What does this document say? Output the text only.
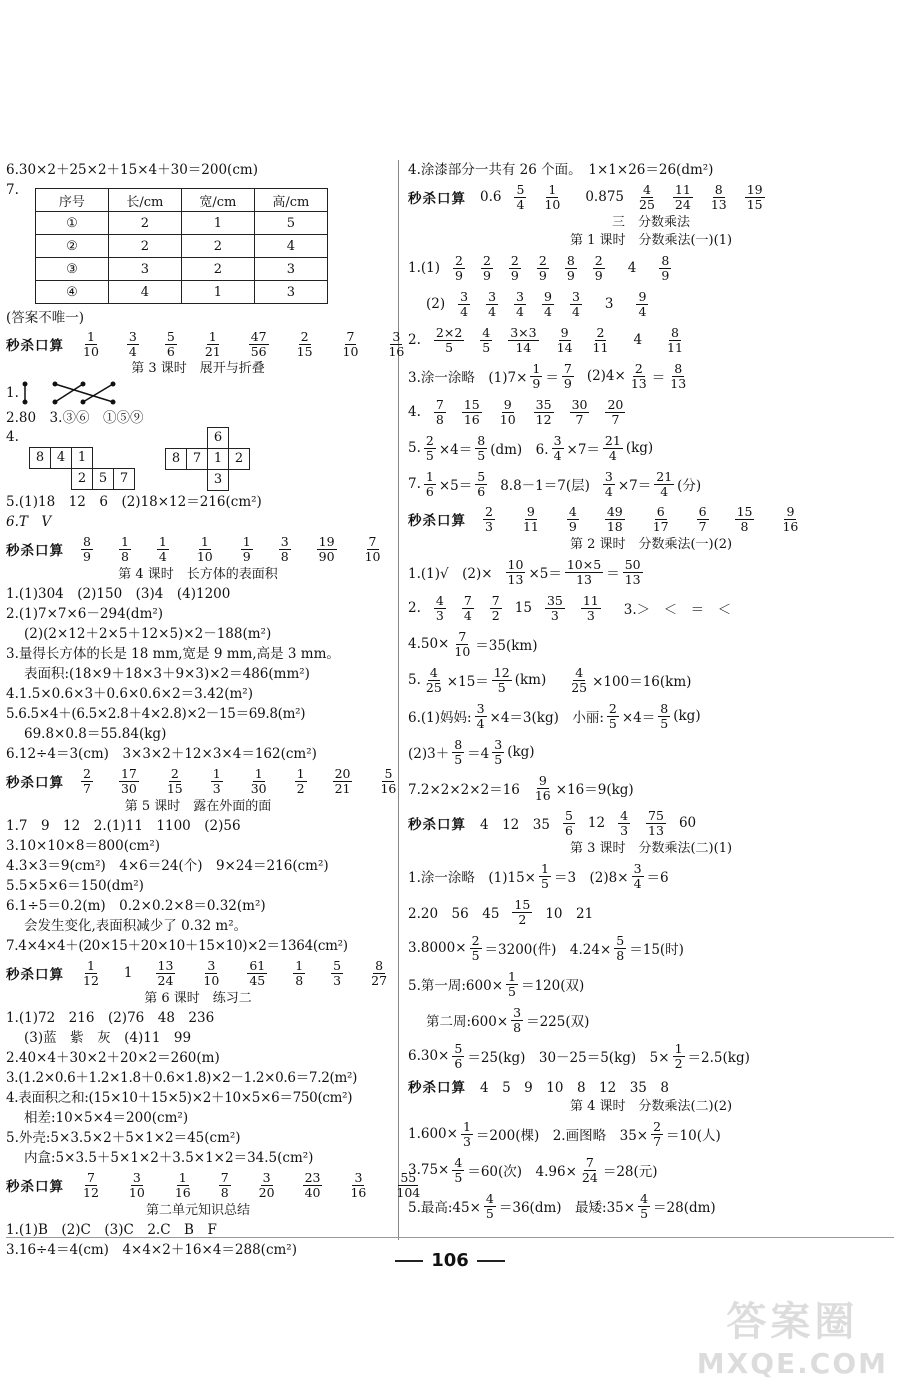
6.30×2＋25×2＋15×4＋30＝200(cm)
7.
序号	长/cm	宽/cm	高/cm
①	2	1	5
②	2	2	4
③	3	2	3
④	4	1	3
(答案不唯一)
秒杀口算 $\frac{1}{10} \frac{3}{4} \frac{5}{6} \frac{1}{21} \frac{47}{56} \frac{2}{15} \frac{7}{10} \frac{3}{16}$
第 3 课时　展开与折叠
1.
2.80　3.③⑥　①⑤⑨
4.
8 4 1
2 5 7
6
8 7 1 2
3
5.(1)18　12　6　(2)18×12＝216(cm²)
6.T　V
秒杀口算 $\frac{8}{9} \frac{1}{8} \frac{1}{4} \frac{1}{10} \frac{1}{9} \frac{3}{8} \frac{19}{90} \frac{7}{10}$
第 4 课时　长方体的表面积
1.(1)304　(2)150　(3)4　(4)1200
2.(1)7×7×6－294(dm²)
(2)(2×12＋2×5＋12×5)×2－188(m²)
3.量得长方体的长是 18 mm,宽是 9 mm,高是 3 mm。
表面积:(18×9＋18×3＋9×3)×2＝486(mm²)
4.1.5×0.6×3＋0.6×0.6×2＝3.42(m²)
5.6.5×4＋(6.5×2.8＋4×2.8)×2－15＝69.8(m²)
69.8×0.8＝55.84(kg)
6.12÷4＝3(cm)　3×3×2＋12×3×4＝162(cm²)
秒杀口算 $\frac{2}{7} \frac{17}{30} \frac{2}{15} \frac{1}{3} \frac{1}{30} \frac{1}{2} \frac{20}{21} \frac{5}{16}$
第 5 课时　露在外面的面
1.7　9　12　2.(1)11　1100　(2)56
3.10×10×8＝800(cm²)
4.3×3＝9(cm²)　4×6＝24(个)　9×24＝216(cm²)
5.5×5×6＝150(dm²)
6.1÷5＝0.2(m)　0.2×0.2×8＝0.32(m²)
会发生变化,表面积减少了 0.32 m²。
7.4×4×4＋(20×15＋20×10＋15×10)×2＝1364(cm²)
秒杀口算 $\frac{1}{12} 1 \frac{13}{24} \frac{3}{10} \frac{61}{45} \frac{1}{8} \frac{5}{3} \frac{8}{27}$
第 6 课时　练习二
1.(1)72　216　(2)76　48　236
(3)蓝　紫　灰　(4)11　99
2.40×4＋30×2＋20×2＝260(m)
3.(1.2×0.6＋1.2×1.8＋0.6×1.8)×2－1.2×0.6＝7.2(m²)
4.表面积之和:(15×10＋15×5)×2＋10×5×6＝750(cm²)
相差:10×5×4＝200(cm²)
5.外壳:5×3.5×2＋5×1×2＝45(cm²)
内盒:5×3.5＋5×1×2＋3.5×1×2＝34.5(cm²)
秒杀口算 $\frac{7}{12} \frac{3}{10} \frac{1}{16} \frac{7}{8} \frac{3}{20} \frac{23}{40} \frac{3}{16} \frac{55}{104}$
第二单元知识总结
1.(1)B　(2)C　(3)C　2.C　B　F
3.16÷4＝4(cm)　4×4×2＋16×4＝288(cm²)
4.涂漆部分一共有 26 个面。　1×1×26＝26(dm²)
秒杀口算 $0.6 \frac{5}{4} \frac{1}{10} 0.875 \frac{4}{25} \frac{11}{24} \frac{8}{13} \frac{19}{15}$
三　分数乘法
第 1 课时　分数乘法(一)(1)
$1.(1) \frac{2}{9} \frac{2}{9} \frac{2}{9} \frac{2}{9} \frac{8}{9} \frac{2}{9} 4 \frac{8}{9}$
$(2) \frac{3}{4} \frac{3}{4} \frac{3}{4} \frac{9}{4} \frac{3}{4} 3 \frac{9}{4}$
2. $\frac{2\times 2}{5} \frac{4}{5} \frac{3\times 3}{14} \frac{9}{14} \frac{2}{11} 4 \frac{8}{11}$
3.涂一涂略　$(1)7\times \frac{1}{9} = \frac{7}{9} (2)4\times \frac{2}{13} = \frac{8}{13}$
4. $\frac{7}{8} \frac{15}{16} \frac{9}{10} \frac{35}{12} \frac{30}{7} \frac{20}{7}$
5. $\frac{2}{5} \times 4= \frac{8}{5} (dm)$　6. $\frac{3}{4} \times 7= \frac{21}{4} (kg)$
7. $\frac{1}{6} \times 5= \frac{5}{6} 8.8-1=7$(层) $\frac{3}{4} \times 7= \frac{21}{4}$ (分)
秒杀口算 $\frac{2}{3} \frac{9}{11} \frac{4}{9} \frac{49}{18} \frac{6}{17} \frac{6}{7} \frac{15}{8} \frac{9}{16}$
第 2 课时　分数乘法(一)(2)
1.(1)√　$(2)\times \frac{10}{13} \times 5= \frac{10\times 5}{13} = \frac{50}{13}$
2. $\frac{4}{3} \frac{7}{4} \frac{7}{2} 15 \frac{35}{3} \frac{11}{3} 3.>$　＜　＝　＜
$4.50\times \frac{7}{10} =35(km)$
5. $\frac{4}{25} \times 15= \frac{12}{5} (km) \frac{4}{25} \times 100=16(km)$
6.(1)妈妈: $\frac{3}{4} \times 4=3(kg)$　小丽: $\frac{2}{5} \times 4= \frac{8}{5} (kg)$
$(2)3+ \frac{8}{5} =4 \frac{3}{5} (kg)$
$7.2\times 2\times 2\times 2=16 \frac{9}{16} \times 16=9(kg)$
秒杀口算 4　12　$35 \frac{5}{6} 12 \frac{4}{3} \frac{75}{13} 60$
第 3 课时　分数乘法(二)(1)
1.涂一涂略　$(1)15\times \frac{1}{5} =3$　$(2)8\times \frac{3}{4} =6$
2.20　56　$45 \frac{15}{2} 10$　21
$3.8000\times \frac{2}{5} =3200$(件)　$4.24\times \frac{5}{8} =15$(时)
5.第一周:600× $\frac{1}{5} =120$(双)
第二周:600× $\frac{3}{8} =225$(双)
$6.30\times \frac{5}{6} =25(kg)$　30－25＝5(kg)　$5\times \frac{1}{2} =2.5(kg)$
秒杀口算 4　5　9　10　8　12　35　8
第 4 课时　分数乘法(二)(2)
$1.600\times \frac{1}{3} =200$(棵)　2.画图略　$35\times \frac{2}{7} =10$(人)
$3.75\times \frac{4}{5} =60$(次)　$4.96\times \frac{7}{24} =28$(元)
5.最高:45× $\frac{4}{5} =36(dm)$　最矮:35× $\frac{4}{5} =28(dm)$
106
答案圈
MXQE.COM
